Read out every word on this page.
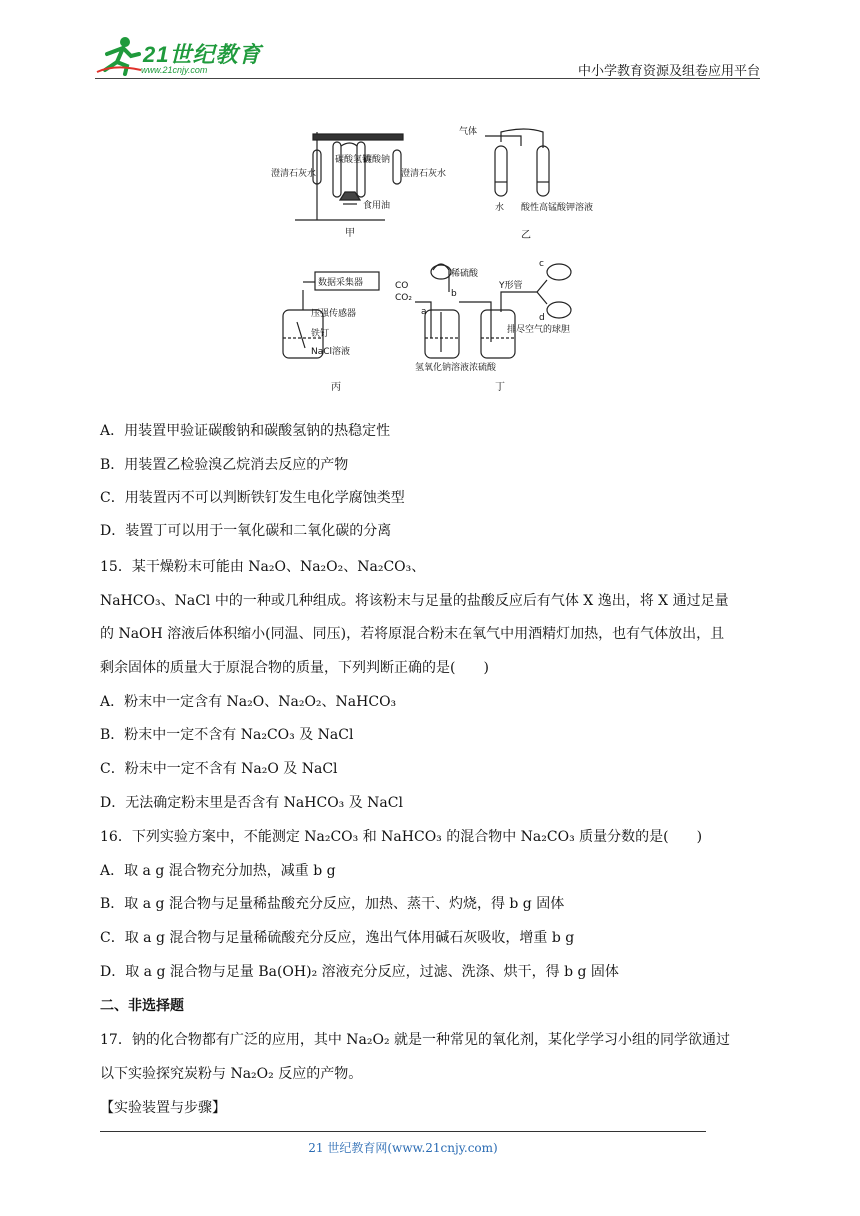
21世纪教育
www.21cnjy.com	中小学教育资源及组卷应用平台
澄清石灰水
碳酸氢钠
碳酸钠
食用油
澄清石灰水
甲
气体
水 酸性高锰酸钾溶液
乙
数据采集器
压强传感器
铁钉
NaCl溶液
丙
CO
CO₂
稀硫酸
Y形管
氢氧化钠溶液 浓硫酸
排尽空气的球胆
a
b
c
d
丁
A．用装置甲验证碳酸钠和碳酸氢钠的热稳定性
B．用装置乙检验溴乙烷消去反应的产物
C．用装置丙不可以判断铁钉发生电化学腐蚀类型
D．装置丁可以用于一氧化碳和二氧化碳的分离
15．某干燥粉末可能由 Na₂O、Na₂O₂、Na₂CO₃、
NaHCO₃、NaCl 中的一种或几种组成。将该粉末与足量的盐酸反应后有气体 X 逸出，将 X 通过足量
的 NaOH 溶液后体积缩小(同温、同压)，若将原混合粉末在氧气中用酒精灯加热，也有气体放出，且
剩余固体的质量大于原混合物的质量，下列判断正确的是(　　)
A．粉末中一定含有 Na₂O、Na₂O₂、NaHCO₃
B．粉末中一定不含有 Na₂CO₃ 及 NaCl
C．粉末中一定不含有 Na₂O 及 NaCl
D．无法确定粉末里是否含有 NaHCO₃ 及 NaCl
16．下列实验方案中，不能测定 Na₂CO₃ 和 NaHCO₃ 的混合物中 Na₂CO₃ 质量分数的是(　　)
A．取 a g 混合物充分加热，减重 b g
B．取 a g 混合物与足量稀盐酸充分反应，加热、蒸干、灼烧，得 b g 固体
C．取 a g 混合物与足量稀硫酸充分反应，逸出气体用碱石灰吸收，增重 b g
D．取 a g 混合物与足量 Ba(OH)₂ 溶液充分反应，过滤、洗涤、烘干，得 b g 固体
二、非选择题
17．钠的化合物都有广泛的应用，其中 Na₂O₂ 就是一种常见的氧化剂，某化学学习小组的同学欲通过
以下实验探究炭粉与 Na₂O₂ 反应的产物。
【实验装置与步骤】
21 世纪教育网(www.21cnjy.com)
